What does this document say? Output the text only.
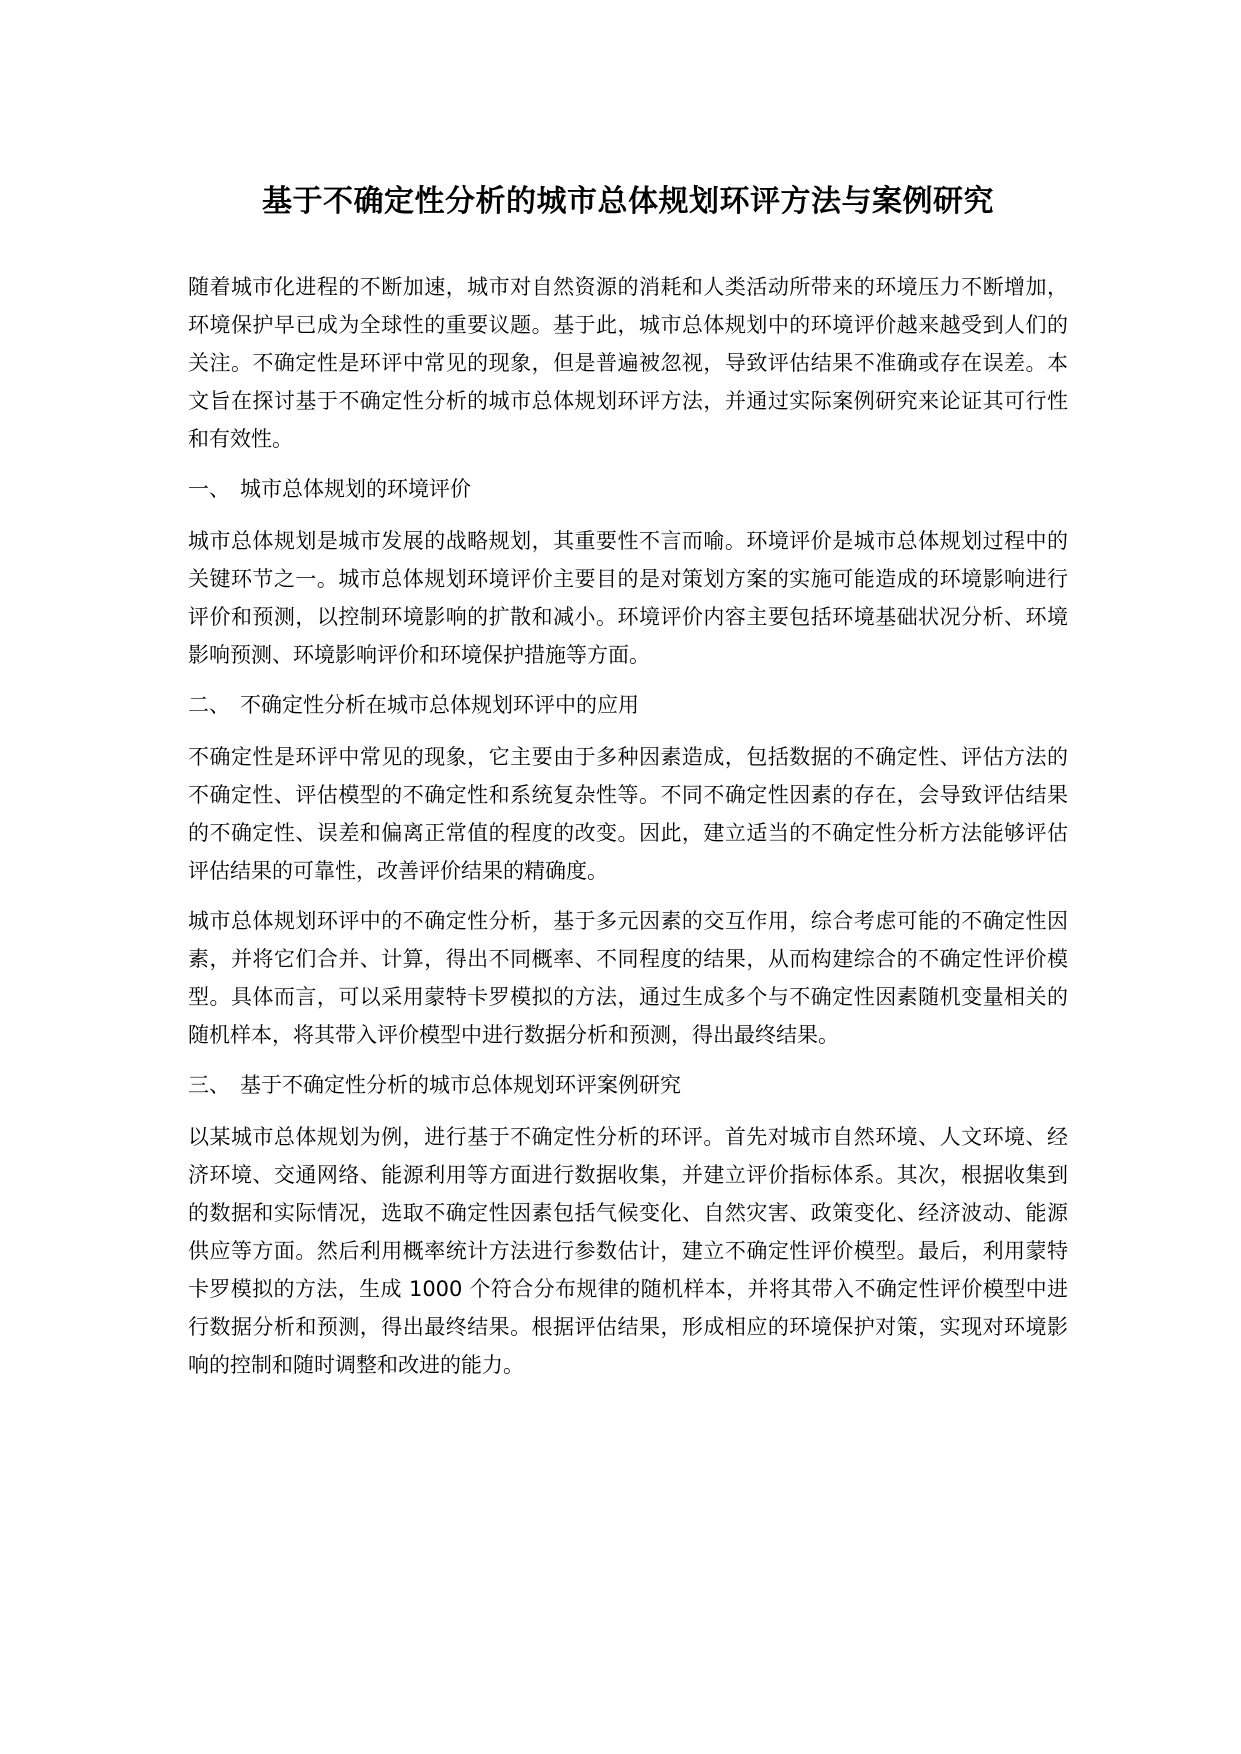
基于不确定性分析的城市总体规划环评方法与案例研究

随着城市化进程的不断加速，城市对自然资源的消耗和人类活动所带来的环境压力不断增加，环境保护早已成为全球性的重要议题。基于此，城市总体规划中的环境评价越来越受到人们的关注。不确定性是环评中常见的现象，但是普遍被忽视，导致评估结果不准确或存在误差。本文旨在探讨基于不确定性分析的城市总体规划环评方法，并通过实际案例研究来论证其可行性和有效性。

一、 城市总体规划的环境评价

城市总体规划是城市发展的战略规划，其重要性不言而喻。环境评价是城市总体规划过程中的关键环节之一。城市总体规划环境评价主要目的是对策划方案的实施可能造成的环境影响进行评价和预测，以控制环境影响的扩散和减小。环境评价内容主要包括环境基础状况分析、环境影响预测、环境影响评价和环境保护措施等方面。

二、 不确定性分析在城市总体规划环评中的应用

不确定性是环评中常见的现象，它主要由于多种因素造成，包括数据的不确定性、评估方法的不确定性、评估模型的不确定性和系统复杂性等。不同不确定性因素的存在，会导致评估结果的不确定性、误差和偏离正常值的程度的改变。因此，建立适当的不确定性分析方法能够评估评估结果的可靠性，改善评价结果的精确度。

城市总体规划环评中的不确定性分析，基于多元因素的交互作用，综合考虑可能的不确定性因素，并将它们合并、计算，得出不同概率、不同程度的结果，从而构建综合的不确定性评价模型。具体而言，可以采用蒙特卡罗模拟的方法，通过生成多个与不确定性因素随机变量相关的随机样本，将其带入评价模型中进行数据分析和预测，得出最终结果。

三、 基于不确定性分析的城市总体规划环评案例研究

以某城市总体规划为例，进行基于不确定性分析的环评。首先对城市自然环境、人文环境、经济环境、交通网络、能源利用等方面进行数据收集，并建立评价指标体系。其次，根据收集到的数据和实际情况，选取不确定性因素包括气候变化、自然灾害、政策变化、经济波动、能源供应等方面。然后利用概率统计方法进行参数估计，建立不确定性评价模型。最后，利用蒙特卡罗模拟的方法，生成 1000 个符合分布规律的随机样本，并将其带入不确定性评价模型中进行数据分析和预测，得出最终结果。根据评估结果，形成相应的环境保护对策，实现对环境影响的控制和随时调整和改进的能力。
